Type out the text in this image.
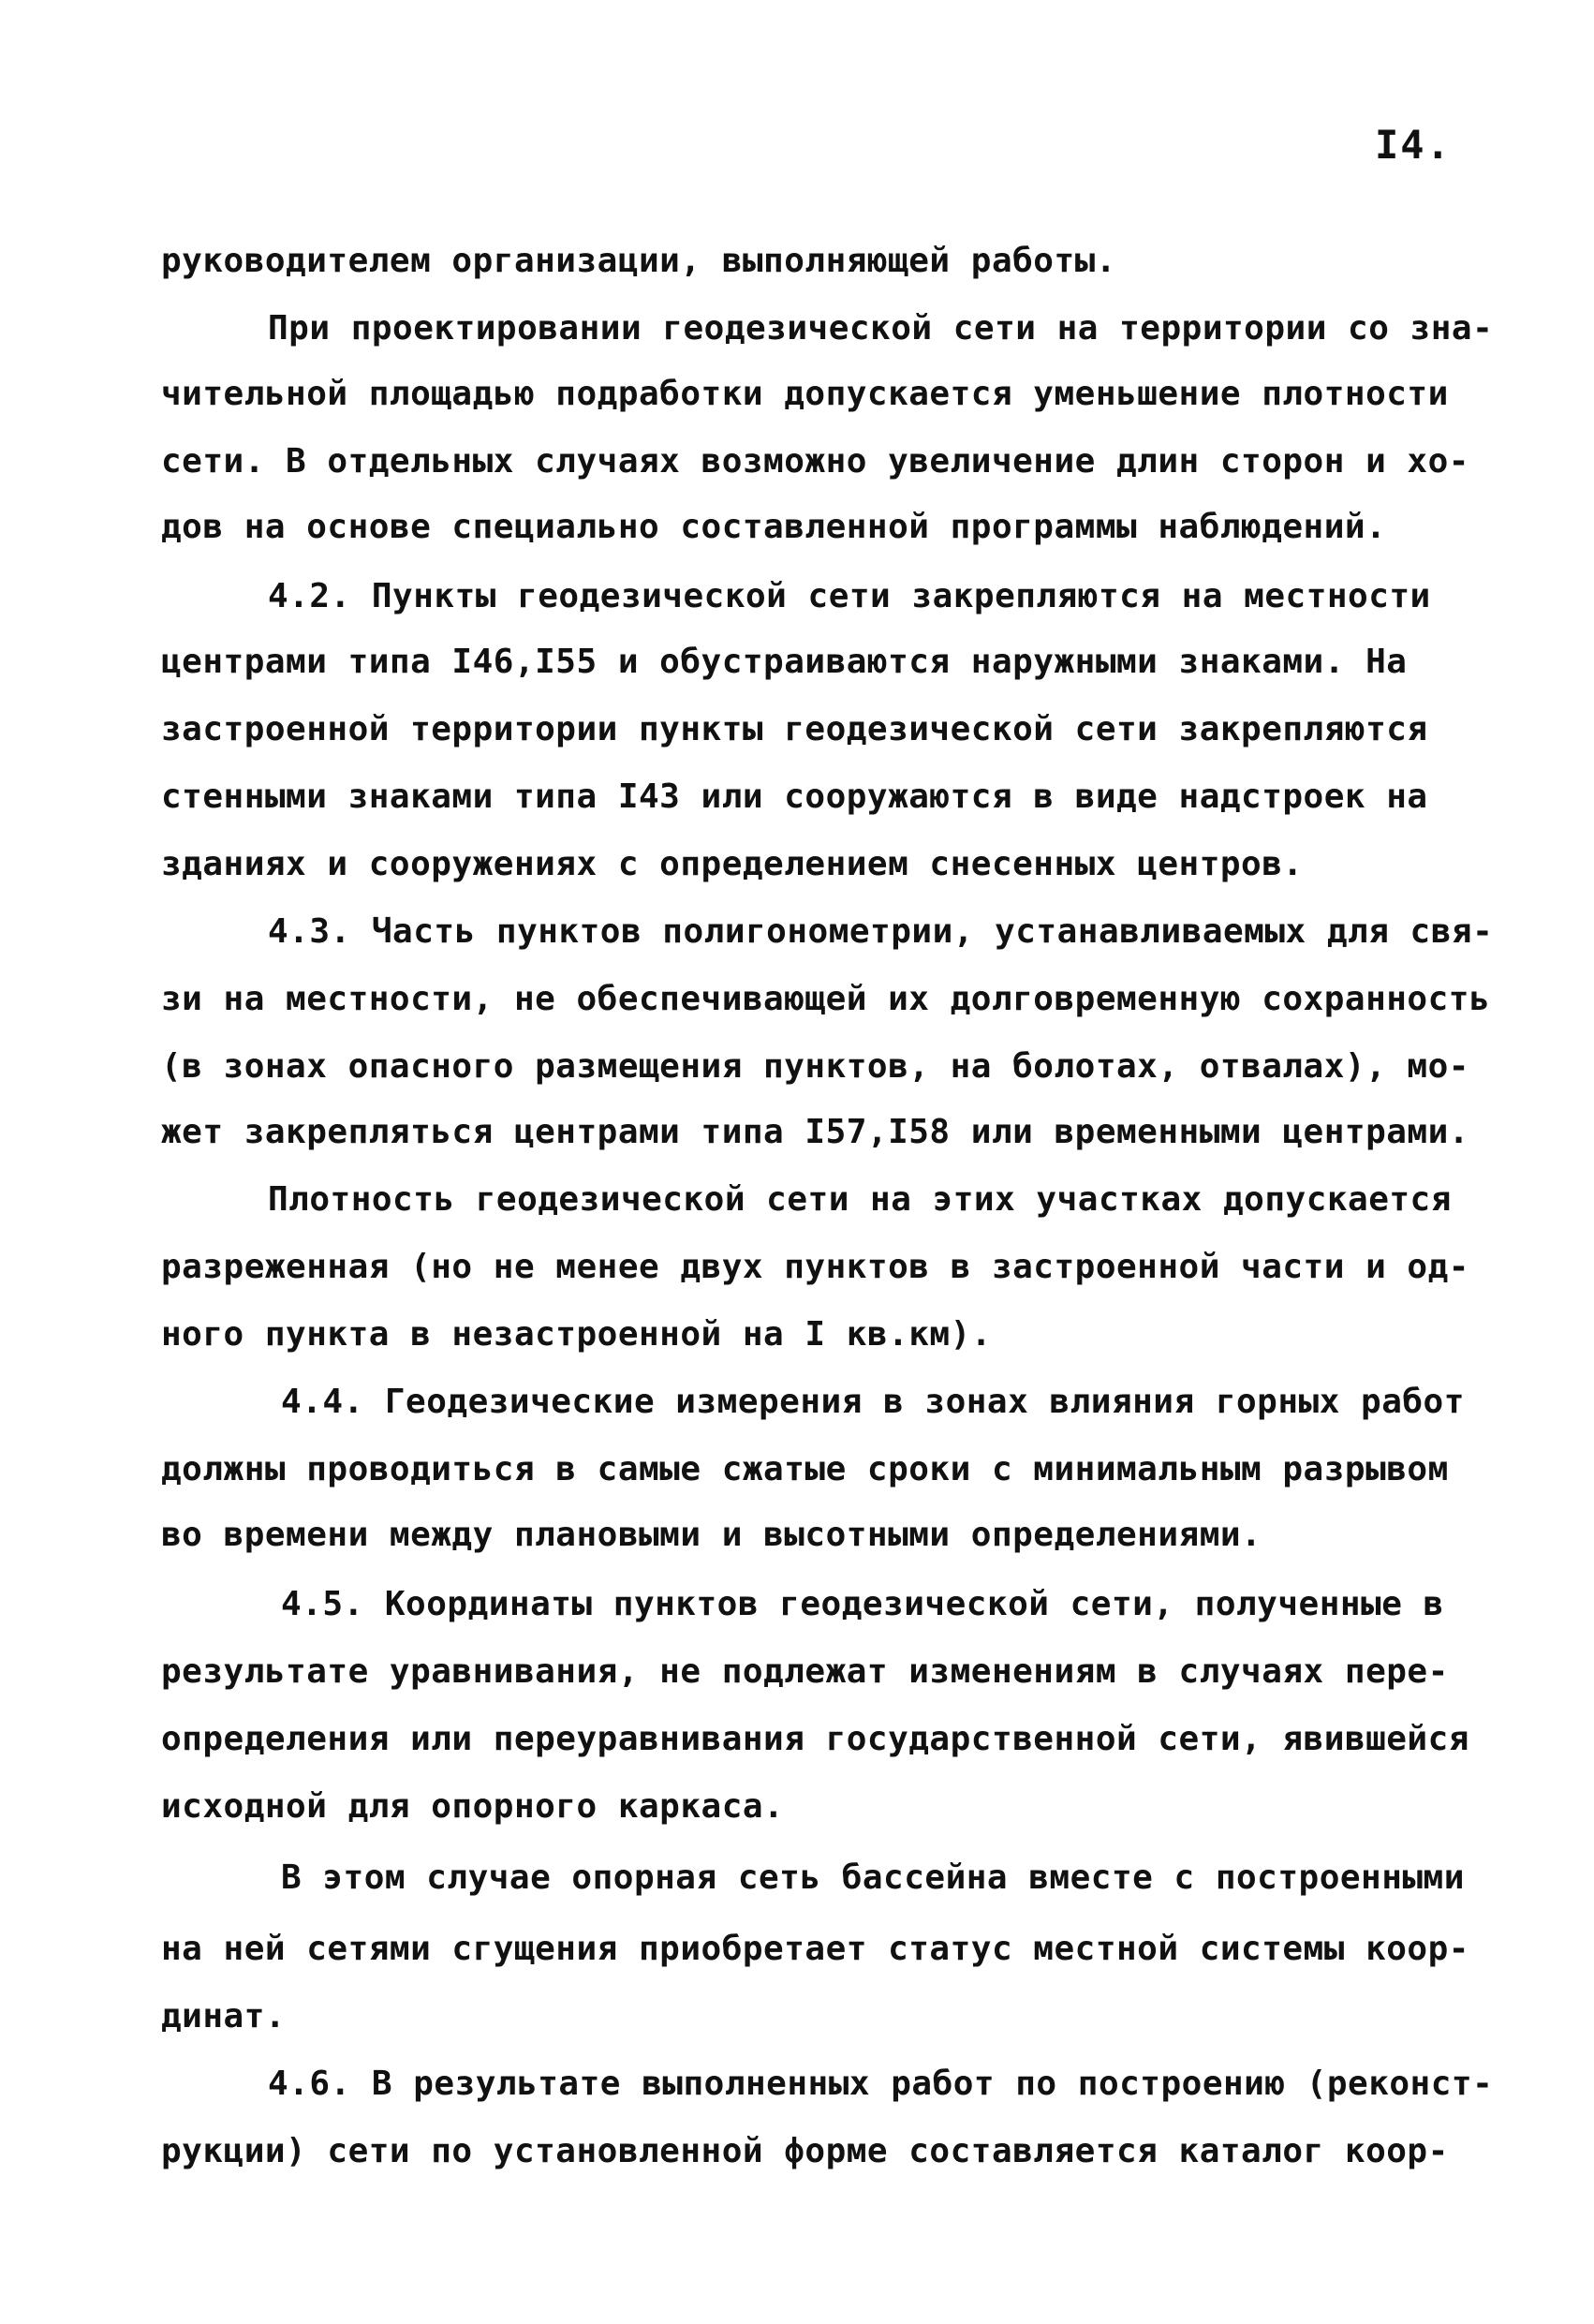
I4.
руководителем организации, выполняющей работы.
При проектировании геодезической сети на территории со зна-
чительной площадью подработки допускается уменьшение плотности
сети. В отдельных случаях возможно увеличение длин сторон и хо-
дов на основе специально составленной программы наблюдений.
4.2. Пункты геодезической сети закрепляются на местности
центрами типа I46,I55 и обустраиваются наружными знаками. На
застроенной территории пункты геодезической сети закрепляются
стенными знаками типа I43 или сооружаются в виде надстроек на
зданиях и сооружениях с определением снесенных центров.
4.3. Часть пунктов полигонометрии, устанавливаемых для свя-
зи на местности, не обеспечивающей их долговременную сохранность
(в зонах опасного размещения пунктов, на болотах, отвалах), мо-
жет закрепляться центрами типа I57,I58 или временными центрами.
Плотность геодезической сети на этих участках допускается
разреженная (но не менее двух пунктов в застроенной части и од-
ного пункта в незастроенной на I кв.км).
4.4. Геодезические измерения в зонах влияния горных работ
должны проводиться в самые сжатые сроки с минимальным разрывом
во времени между плановыми и высотными определениями.
4.5. Координаты пунктов геодезической сети, полученные в
результате уравнивания, не подлежат изменениям в случаях пере-
определения или переуравнивания государственной сети, явившейся
исходной для опорного каркаса.
В этом случае опорная сеть бассейна вместе с построенными
на ней сетями сгущения приобретает статус местной системы коор-
динат.
4.6. В результате выполненных работ по построению (реконст-
рукции) сети по установленной форме составляется каталог коор-
